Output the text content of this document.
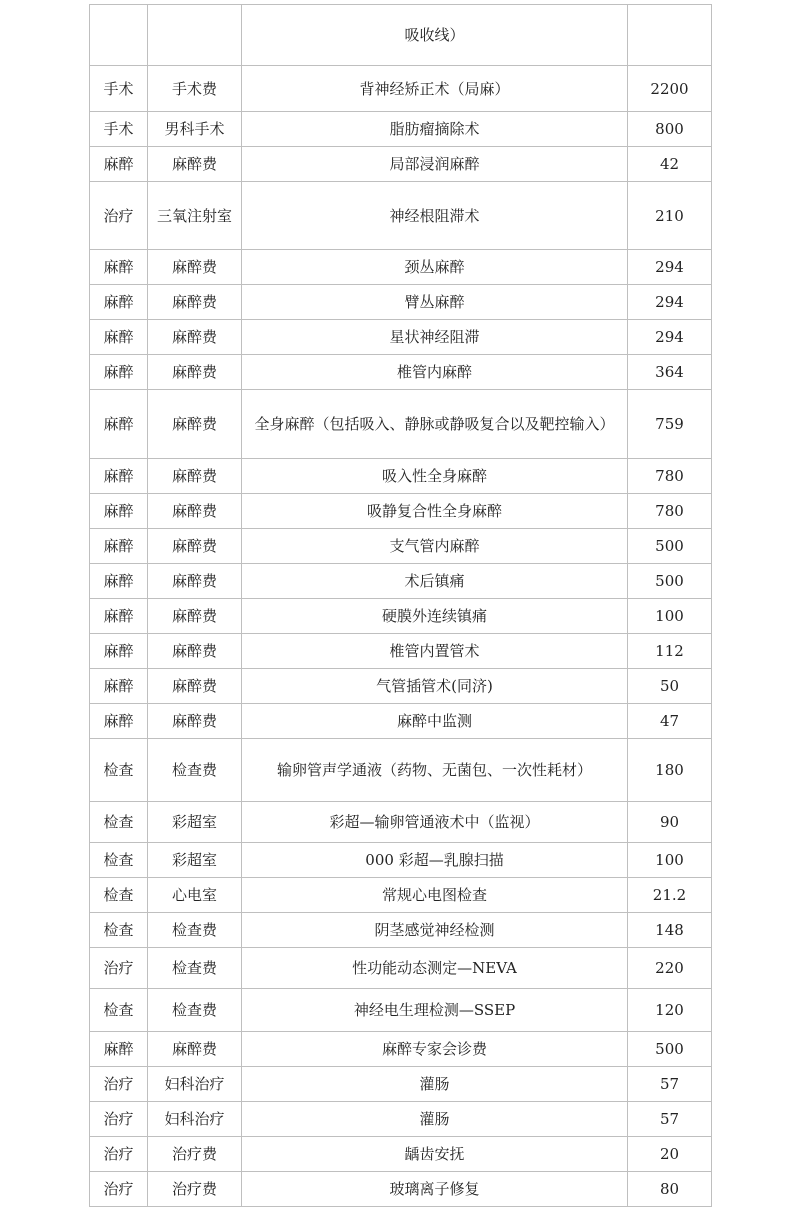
		吸收线）	
手术	手术费	背神经矫正术（局麻）	2200
手术	男科手术	脂肪瘤摘除术	800
麻醉	麻醉费	局部浸润麻醉	42
治疗	三氧注射室	神经根阻滞术	210
麻醉	麻醉费	颈丛麻醉	294
麻醉	麻醉费	臂丛麻醉	294
麻醉	麻醉费	星状神经阻滞	294
麻醉	麻醉费	椎管内麻醉	364
麻醉	麻醉费	全身麻醉（包括吸入、静脉或静吸复合以及靶控输入）	759
麻醉	麻醉费	吸入性全身麻醉	780
麻醉	麻醉费	吸静复合性全身麻醉	780
麻醉	麻醉费	支气管内麻醉	500
麻醉	麻醉费	术后镇痛	500
麻醉	麻醉费	硬膜外连续镇痛	100
麻醉	麻醉费	椎管内置管术	112
麻醉	麻醉费	气管插管术(同济)	50
麻醉	麻醉费	麻醉中监测	47
检查	检查费	输卵管声学通液（药物、无菌包、一次性耗材）	180
检查	彩超室	彩超—输卵管通液术中（监视）	90
检查	彩超室	000 彩超—乳腺扫描	100
检查	心电室	常规心电图检查	21.2
检查	检查费	阴茎感觉神经检测	148
治疗	检查费	性功能动态测定—NEVA	220
检查	检查费	神经电生理检测—SSEP	120
麻醉	麻醉费	麻醉专家会诊费	500
治疗	妇科治疗	灌肠	57
治疗	妇科治疗	灌肠	57
治疗	治疗费	龋齿安抚	20
治疗	治疗费	玻璃离子修复	80
